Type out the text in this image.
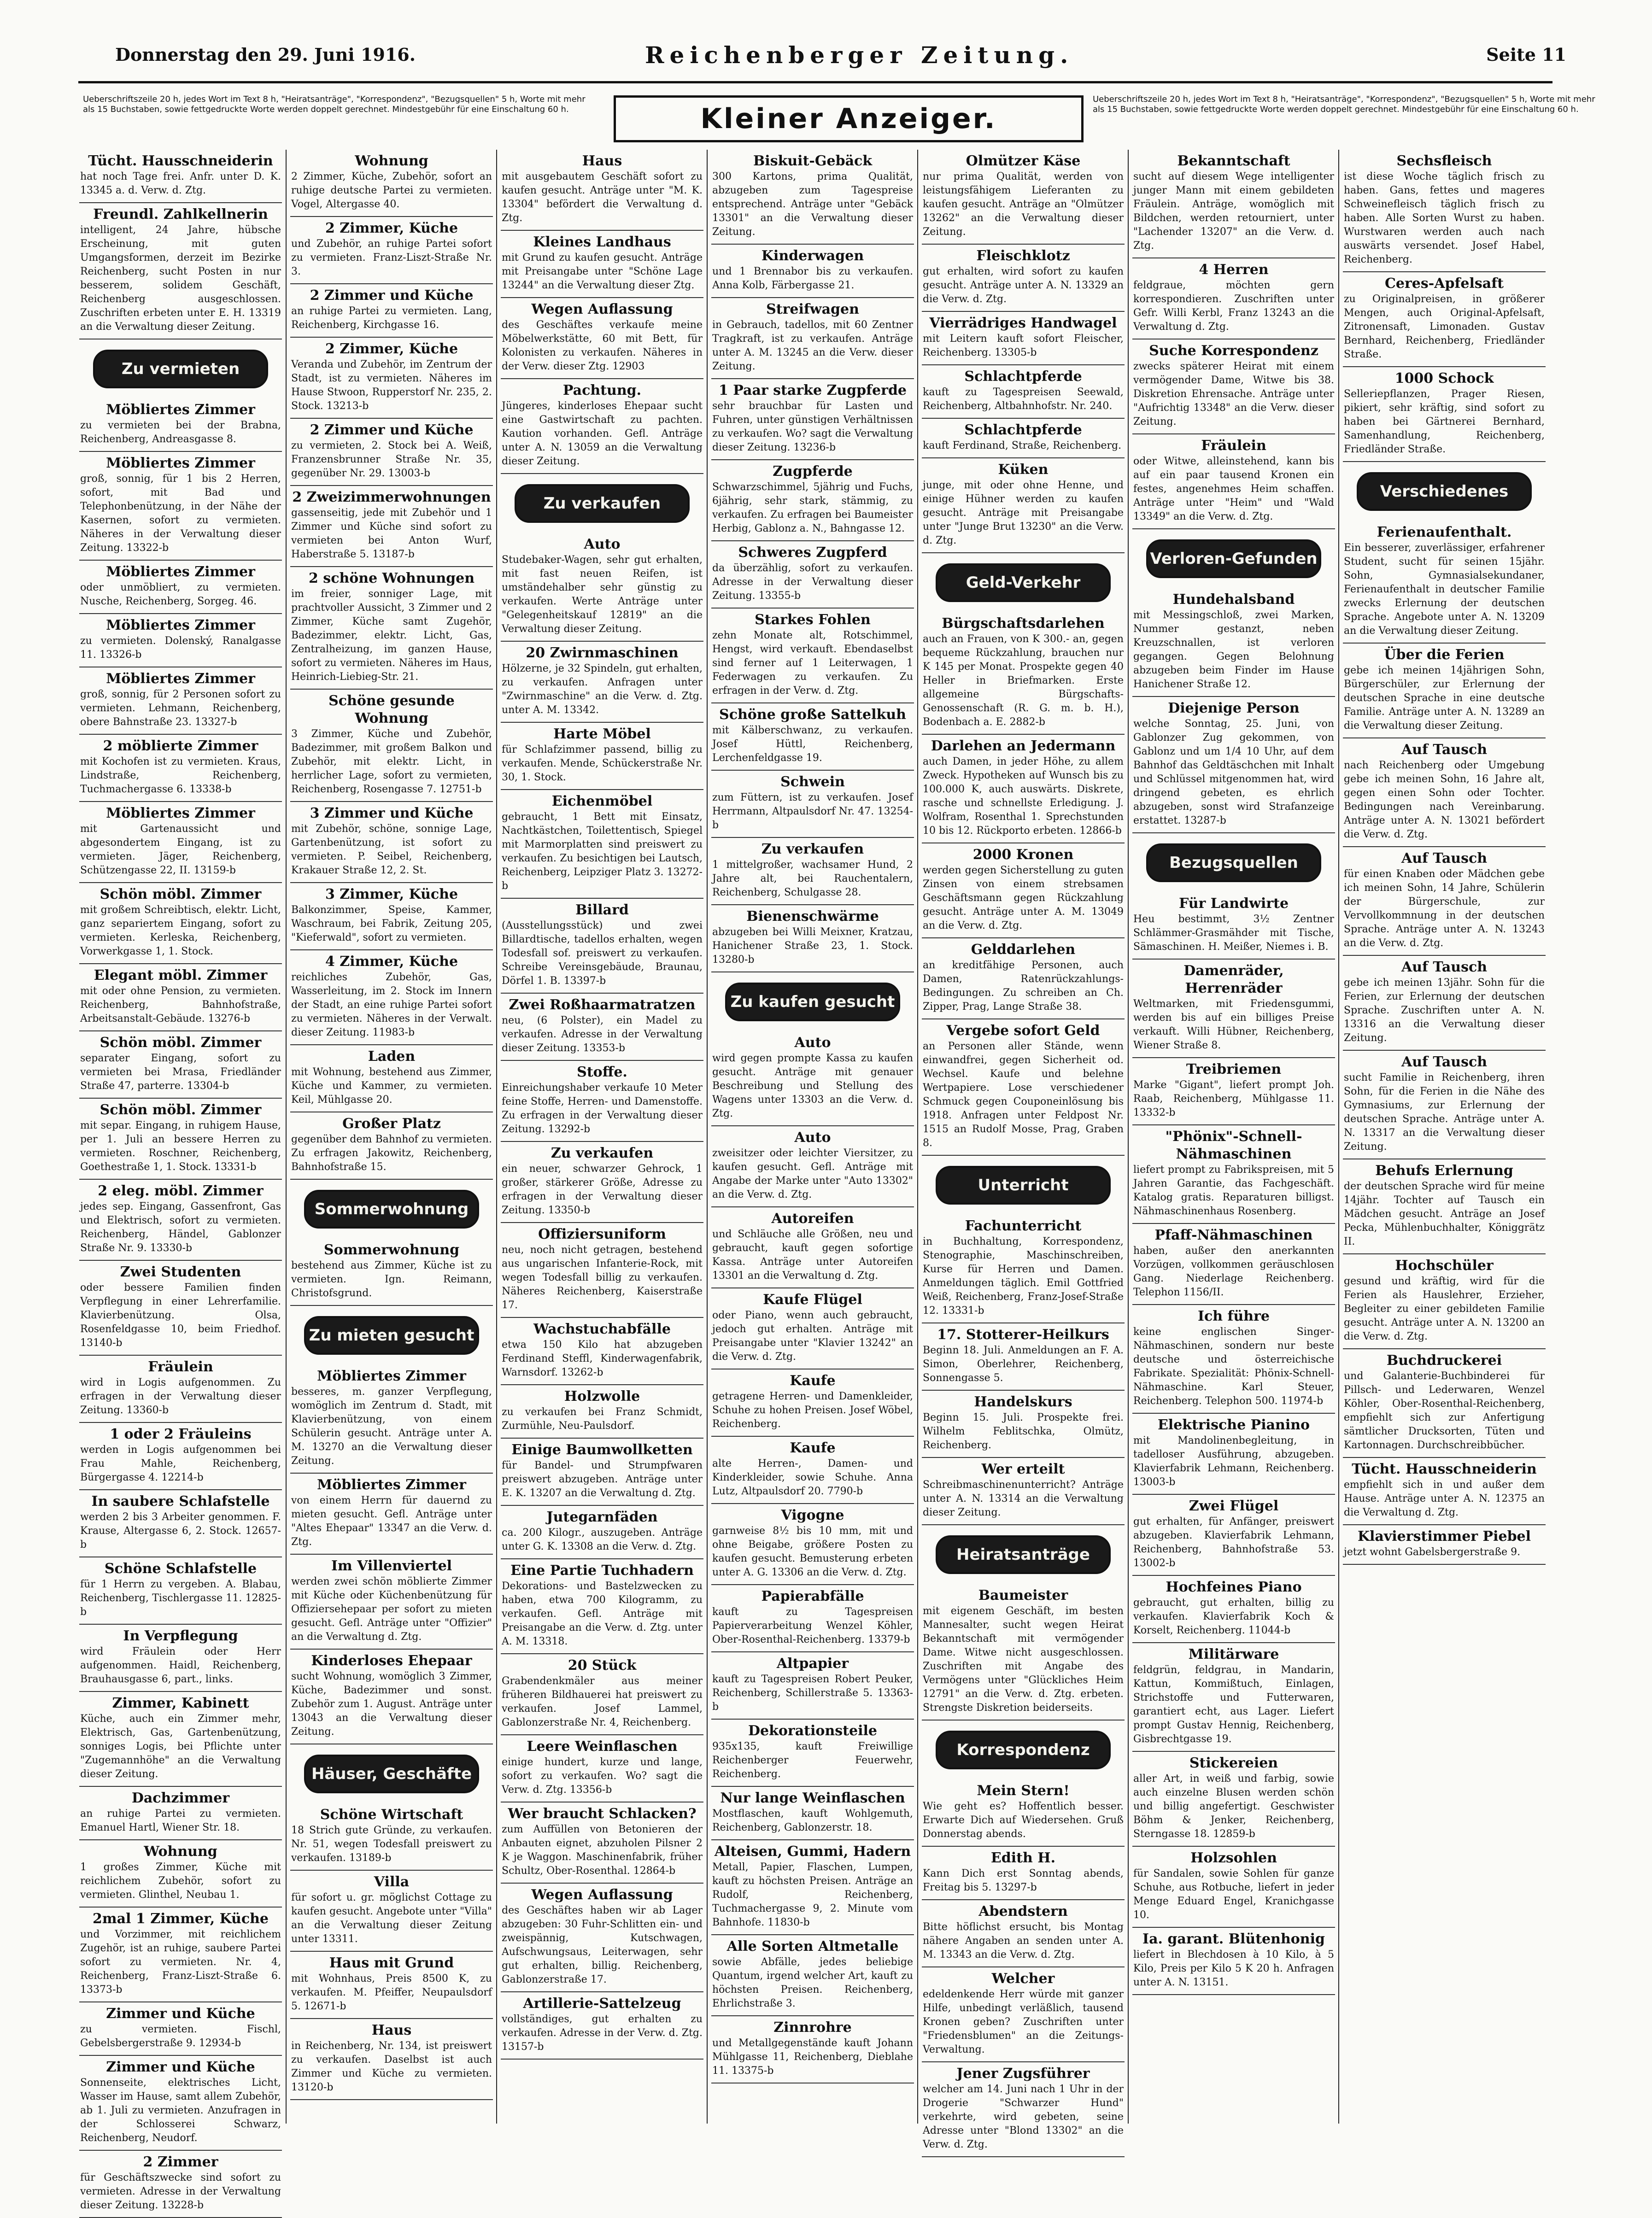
Donnerstag den 29. Juni 1916.	Reichenberger Zeitung.	Seite 11
Ueberschriftszeile 20 h, jedes Wort im Text 8 h, "Heiratsanträge", "Korrespondenz", "Bezugsquellen" 5 h, Worte mit mehr als 15 Buchstaben, sowie fettgedruckte Worte werden doppelt gerechnet. Mindestgebühr für eine Einschaltung 60 h.	Kleiner Anzeiger.
Ueberschriftszeile 20 h, jedes Wort im Text 8 h, "Heiratsanträge", "Korrespondenz", "Bezugsquellen" 5 h, Worte mit mehr als 15 Buchstaben, sowie fettgedruckte Worte werden doppelt gerechnet. Mindestgebühr für eine Einschaltung 60 h.
Tücht. Hausschneiderin
hat noch Tage frei. Anfr. unter D. K. 13345 a. d. Verw. d. Ztg.
Freundl. Zahlkellnerin
intelligent, 24 Jahre, hübsche Erscheinung, mit guten Umgangsformen, derzeit im Bezirke Reichenberg, sucht Posten in nur besserem, solidem Geschäft, Reichenberg ausgeschlossen. Zuschriften erbeten unter E. H. 13319 an die Verwaltung dieser Zeitung.
Zu vermieten
Möbliertes Zimmer
zu vermieten bei der Brabna, Reichenberg, Andreasgasse 8.
Möbliertes Zimmer
groß, sonnig, für 1 bis 2 Herren, sofort, mit Bad und Telephonbenützung, in der Nähe der Kasernen, sofort zu vermieten. Näheres in der Verwaltung dieser Zeitung. 13322-b
Möbliertes Zimmer
oder unmöbliert, zu vermieten. Nusche, Reichenberg, Sorgeg. 46.
Möbliertes Zimmer
zu vermieten. Dolenský, Ranalgasse 11. 13326-b
Möbliertes Zimmer
groß, sonnig, für 2 Personen sofort zu vermieten. Lehmann, Reichenberg, obere Bahnstraße 23. 13327-b
2 möblierte Zimmer
mit Kochofen ist zu vermieten. Kraus, Lindstraße, Reichenberg, Tuchmachergasse 6. 13338-b
Möbliertes Zimmer
mit Gartenaussicht und abgesondertem Eingang, ist zu vermieten. Jäger, Reichenberg, Schützengasse 22, II. 13159-b
Schön möbl. Zimmer
mit großem Schreibtisch, elektr. Licht, ganz separiertem Eingang, sofort zu vermieten. Kerleska, Reichenberg, Vorwerkgasse 1, 1. Stock.
Elegant möbl. Zimmer
mit oder ohne Pension, zu vermieten. Reichenberg, Bahnhofstraße, Arbeitsanstalt-Gebäude. 13276-b
Schön möbl. Zimmer
separater Eingang, sofort zu vermieten bei Mrasa, Friedländer Straße 47, parterre. 13304-b
Schön möbl. Zimmer
mit separ. Eingang, in ruhigem Hause, per 1. Juli an bessere Herren zu vermieten. Roschner, Reichenberg, Goethestraße 1, 1. Stock. 13331-b
2 eleg. möbl. Zimmer
jedes sep. Eingang, Gassenfront, Gas und Elektrisch, sofort zu vermieten. Reichenberg, Händel, Gablonzer Straße Nr. 9. 13330-b
Zwei Studenten
oder bessere Familien finden Verpflegung in einer Lehrerfamilie. Klavierbenützung. Olsa, Rosenfeldgasse 10, beim Friedhof. 13140-b
Fräulein
wird in Logis aufgenommen. Zu erfragen in der Verwaltung dieser Zeitung. 13360-b
1 oder 2 Fräuleins
werden in Logis aufgenommen bei Frau Mahle, Reichenberg, Bürgergasse 4. 12214-b
In saubere Schlafstelle
werden 2 bis 3 Arbeiter genommen. F. Krause, Altergasse 6, 2. Stock. 12657-b
Schöne Schlafstelle
für 1 Herrn zu vergeben. A. Blabau, Reichenberg, Tischlergasse 11. 12825-b
In Verpflegung
wird Fräulein oder Herr aufgenommen. Haidl, Reichenberg, Brauhausgasse 6, part., links.
Zimmer, Kabinett
Küche, auch ein Zimmer mehr, Elektrisch, Gas, Gartenbenützung, sonniges Logis, bei Pflichte unter "Zugemannhöhe" an die Verwaltung dieser Zeitung.
Dachzimmer
an ruhige Partei zu vermieten. Emanuel Hartl, Wiener Str. 18.
Wohnung
1 großes Zimmer, Küche mit reichlichem Zubehör, sofort zu vermieten. Glinthel, Neubau 1.
2mal 1 Zimmer, Küche
und Vorzimmer, mit reichlichem Zugehör, ist an ruhige, saubere Partei sofort zu vermieten. Nr. 4, Reichenberg, Franz-Liszt-Straße 6. 13373-b
Zimmer und Küche
zu vermieten. Fischl, Gebelsbergerstraße 9. 12934-b
Zimmer und Küche
Sonnenseite, elektrisches Licht, Wasser im Hause, samt allem Zubehör, ab 1. Juli zu vermieten. Anzufragen in der Schlosserei Schwarz, Reichenberg, Neudorf.
2 Zimmer
für Geschäftszwecke sind sofort zu vermieten. Adresse in der Verwaltung dieser Zeitung. 13228-b
Wohnung
2 Zimmer, Küche, Zubehör, sofort an ruhige deutsche Partei zu vermieten. Vogel, Altergasse 40.
2 Zimmer, Küche
und Zubehör, an ruhige Partei sofort zu vermieten. Franz-Liszt-Straße Nr. 3.
2 Zimmer und Küche
an ruhige Partei zu vermieten. Lang, Reichenberg, Kirchgasse 16.
2 Zimmer, Küche
Veranda und Zubehör, im Zentrum der Stadt, ist zu vermieten. Näheres im Hause Stwoon, Rupperstorf Nr. 235, 2. Stock. 13213-b
2 Zimmer und Küche
zu vermieten, 2. Stock bei A. Weiß, Franzensbrunner Straße Nr. 35, gegenüber Nr. 29. 13003-b
2 Zweizimmerwohnungen
gassenseitig, jede mit Zubehör und 1 Zimmer und Küche sind sofort zu vermieten bei Anton Wurf, Haberstraße 5. 13187-b
2 schöne Wohnungen
im freier, sonniger Lage, mit prachtvoller Aussicht, 3 Zimmer und 2 Zimmer, Küche samt Zugehör, Badezimmer, elektr. Licht, Gas, Zentralheizung, im ganzen Hause, sofort zu vermieten. Näheres im Haus, Heinrich-Liebieg-Str. 21.
Schöne gesunde Wohnung
3 Zimmer, Küche und Zubehör, Badezimmer, mit großem Balkon und Zubehör, mit elektr. Licht, in herrlicher Lage, sofort zu vermieten, Reichenberg, Rosengasse 7. 12751-b
3 Zimmer und Küche
mit Zubehör, schöne, sonnige Lage, Gartenbenützung, ist sofort zu vermieten. P. Seibel, Reichenberg, Krakauer Straße 12, 2. St.
3 Zimmer, Küche
Balkonzimmer, Speise, Kammer, Waschraum, bei Fabrik, Zeitung 205, "Kieferwald", sofort zu vermieten.
4 Zimmer, Küche
reichliches Zubehör, Gas, Wasserleitung, im 2. Stock im Innern der Stadt, an eine ruhige Partei sofort zu vermieten. Näheres in der Verwalt. dieser Zeitung. 11983-b
Laden
mit Wohnung, bestehend aus Zimmer, Küche und Kammer, zu vermieten. Keil, Mühlgasse 20.
Großer Platz
gegenüber dem Bahnhof zu vermieten. Zu erfragen Jakowitz, Reichenberg, Bahnhofstraße 15.
Sommerwohnung
Sommerwohnung
bestehend aus Zimmer, Küche ist zu vermieten. Ign. Reimann, Christofsgrund.
Zu mieten gesucht
Möbliertes Zimmer
besseres, m. ganzer Verpflegung, womöglich im Zentrum d. Stadt, mit Klavierbenützung, von einem Schülerin gesucht. Anträge unter A. M. 13270 an die Verwaltung dieser Zeitung.
Möbliertes Zimmer
von einem Herrn für dauernd zu mieten gesucht. Gefl. Anträge unter "Altes Ehepaar" 13347 an die Verw. d. Ztg.
Im Villenviertel
werden zwei schön möblierte Zimmer mit Küche oder Küchenbenützung für Offiziersehepaar per sofort zu mieten gesucht. Gefl. Anträge unter "Offizier" an die Verwaltung d. Ztg.
Kinderloses Ehepaar
sucht Wohnung, womöglich 3 Zimmer, Küche, Badezimmer und sonst. Zubehör zum 1. August. Anträge unter 13043 an die Verwaltung dieser Zeitung.
Häuser, Geschäfte
Schöne Wirtschaft
18 Strich gute Gründe, zu verkaufen. Nr. 51, wegen Todesfall preiswert zu verkaufen. 13189-b
Villa
für sofort u. gr. möglichst Cottage zu kaufen gesucht. Angebote unter "Villa" an die Verwaltung dieser Zeitung unter 13311.
Haus mit Grund
mit Wohnhaus, Preis 8500 K, zu verkaufen. M. Pfeiffer, Neupaulsdorf 5. 12671-b
Haus
in Reichenberg, Nr. 134, ist preiswert zu verkaufen. Daselbst ist auch Zimmer und Küche zu vermieten. 13120-b
Haus
mit ausgebautem Geschäft sofort zu kaufen gesucht. Anträge unter "M. K. 13304" befördert die Verwaltung d. Ztg.
Kleines Landhaus
mit Grund zu kaufen gesucht. Anträge mit Preisangabe unter "Schöne Lage 13244" an die Verwaltung dieser Ztg.
Wegen Auflassung
des Geschäftes verkaufe meine Möbelwerkstätte, 60 mit Bett, für Kolonisten zu verkaufen. Näheres in der Verw. dieser Ztg. 12903
Pachtung.
Jüngeres, kinderloses Ehepaar sucht eine Gastwirtschaft zu pachten. Kaution vorhanden. Gefl. Anträge unter A. N. 13059 an die Verwaltung dieser Zeitung.
Zu verkaufen
Auto
Studebaker-Wagen, sehr gut erhalten, mit fast neuen Reifen, ist umständehalber sehr günstig zu verkaufen. Werte Anträge unter "Gelegenheitskauf 12819" an die Verwaltung dieser Zeitung.
20 Zwirnmaschinen
Hölzerne, je 32 Spindeln, gut erhalten, zu verkaufen. Anfragen unter "Zwirnmaschine" an die Verw. d. Ztg. unter A. M. 13342.
Harte Möbel
für Schlafzimmer passend, billig zu verkaufen. Mende, Schückerstraße Nr. 30, 1. Stock.
Eichenmöbel
gebraucht, 1 Bett mit Einsatz, Nachtkästchen, Toilettentisch, Spiegel mit Marmorplatten sind preiswert zu verkaufen. Zu besichtigen bei Lautsch, Reichenberg, Leipziger Platz 3. 13272-b
Billard
(Ausstellungsstück) und zwei Billardtische, tadellos erhalten, wegen Todesfall sof. preiswert zu verkaufen. Schreibe Vereinsgebäude, Braunau, Dörfel 1. B. 13397-b
Zwei Roßhaarmatratzen
neu, (6 Polster), ein Madel zu verkaufen. Adresse in der Verwaltung dieser Zeitung. 13353-b
Stoffe.
Einreichungshaber verkaufe 10 Meter feine Stoffe, Herren- und Damenstoffe. Zu erfragen in der Verwaltung dieser Zeitung. 13292-b
Zu verkaufen
ein neuer, schwarzer Gehrock, 1 großer, stärkerer Größe, Adresse zu erfragen in der Verwaltung dieser Zeitung. 13350-b
Offiziersuniform
neu, noch nicht getragen, bestehend aus ungarischen Infanterie-Rock, mit wegen Todesfall billig zu verkaufen. Näheres Reichenberg, Kaiserstraße 17.
Wachstuchabfälle
etwa 150 Kilo hat abzugeben Ferdinand Steffl, Kinderwagenfabrik, Warnsdorf. 13262-b
Holzwolle
zu verkaufen bei Franz Schmidt, Zurmühle, Neu-Paulsdorf.
Einige Baumwollketten
für Bandel- und Strumpfwaren preiswert abzugeben. Anträge unter E. K. 13207 an die Verwaltung d. Ztg.
Jutegarnfäden
ca. 200 Kilogr., auszugeben. Anträge unter G. K. 13308 an die Verw. d. Ztg.
Eine Partie Tuchhadern
Dekorations- und Bastelzwecken zu haben, etwa 700 Kilogramm, zu verkaufen. Gefl. Anträge mit Preisangabe an die Verw. d. Ztg. unter A. M. 13318.
20 Stück
Grabendenkmäler aus meiner früheren Bildhauerei hat preiswert zu verkaufen. Josef Lammel, Gablonzerstraße Nr. 4, Reichenberg.
Leere Weinflaschen
einige hundert, kurze und lange, sofort zu verkaufen. Wo? sagt die Verw. d. Ztg. 13356-b
Wer braucht Schlacken?
zum Auffüllen von Betonieren der Anbauten eignet, abzuholen Pilsner 2 K je Waggon. Maschinenfabrik, früher Schultz, Ober-Rosenthal. 12864-b
Wegen Auflassung
des Geschäftes haben wir ab Lager abzugeben: 30 Fuhr-Schlitten ein- und zweispännig, Kutschwagen, Aufschwungsaus, Leiterwagen, sehr gut erhalten, billig. Reichenberg, Gablonzerstraße 17.
Artillerie-Sattelzeug
vollständiges, gut erhalten zu verkaufen. Adresse in der Verw. d. Ztg. 13157-b
Biskuit-Gebäck
300 Kartons, prima Qualität, abzugeben zum Tagespreise entsprechend. Anträge unter "Gebäck 13301" an die Verwaltung dieser Zeitung.
Kinderwagen
und 1 Brennabor bis zu verkaufen. Anna Kolb, Färbergasse 21.
Streifwagen
in Gebrauch, tadellos, mit 60 Zentner Tragkraft, ist zu verkaufen. Anträge unter A. M. 13245 an die Verw. dieser Zeitung.
1 Paar starke Zugpferde
sehr brauchbar für Lasten und Fuhren, unter günstigen Verhältnissen zu verkaufen. Wo? sagt die Verwaltung dieser Zeitung. 13236-b
Zugpferde
Schwarzschimmel, 5jährig und Fuchs, 6jährig, sehr stark, stämmig, zu verkaufen. Zu erfragen bei Baumeister Herbig, Gablonz a. N., Bahngasse 12.
Schweres Zugpferd
da überzählig, sofort zu verkaufen. Adresse in der Verwaltung dieser Zeitung. 13355-b
Starkes Fohlen
zehn Monate alt, Rotschimmel, Hengst, wird verkauft. Ebendaselbst sind ferner auf 1 Leiterwagen, 1 Federwagen zu verkaufen. Zu erfragen in der Verw. d. Ztg.
Schöne große Sattelkuh
mit Kälberschwanz, zu verkaufen. Josef Hüttl, Reichenberg, Lerchenfeldgasse 19.
Schwein
zum Füttern, ist zu verkaufen. Josef Herrmann, Altpaulsdorf Nr. 47. 13254-b
Zu verkaufen
1 mittelgroßer, wachsamer Hund, 2 Jahre alt, bei Rauchentalern, Reichenberg, Schulgasse 28.
Bienenschwärme
abzugeben bei Willi Meixner, Kratzau, Hanichener Straße 23, 1. Stock. 13280-b
Zu kaufen gesucht
Auto
wird gegen prompte Kassa zu kaufen gesucht. Anträge mit genauer Beschreibung und Stellung des Wagens unter 13303 an die Verw. d. Ztg.
Auto
zweisitzer oder leichter Viersitzer, zu kaufen gesucht. Gefl. Anträge mit Angabe der Marke unter "Auto 13302" an die Verw. d. Ztg.
Autoreifen
und Schläuche alle Größen, neu und gebraucht, kauft gegen sofortige Kassa. Anträge unter Autoreifen 13301 an die Verwaltung d. Ztg.
Kaufe Flügel
oder Piano, wenn auch gebraucht, jedoch gut erhalten. Anträge mit Preisangabe unter "Klavier 13242" an die Verw. d. Ztg.
Kaufe
getragene Herren- und Damenkleider, Schuhe zu hohen Preisen. Josef Wöbel, Reichenberg.
Kaufe
alte Herren-, Damen- und Kinderkleider, sowie Schuhe. Anna Lutz, Altpaulsdorf 20. 7790-b
Vigogne
garnweise 8½ bis 10 mm, mit und ohne Beigabe, größere Posten zu kaufen gesucht. Bemusterung erbeten unter A. G. 13306 an die Verw. d. Ztg.
Papierabfälle
kauft zu Tagespreisen Papierverarbeitung Wenzel Köhler, Ober-Rosenthal-Reichenberg. 13379-b
Altpapier
kauft zu Tagespreisen Robert Peuker, Reichenberg, Schillerstraße 5. 13363-b
Dekorationsteile
935x135, kauft Freiwillige Reichenberger Feuerwehr, Reichenberg.
Nur lange Weinflaschen
Mostflaschen, kauft Wohlgemuth, Reichenberg, Gablonzerstr. 18.
Alteisen, Gummi, Hadern
Metall, Papier, Flaschen, Lumpen, kauft zu höchsten Preisen. Anträge an Rudolf, Reichenberg, Tuchmachergasse 9, 2. Minute vom Bahnhofe. 11830-b
Alle Sorten Altmetalle
sowie Abfälle, jedes beliebige Quantum, irgend welcher Art, kauft zu höchsten Preisen. Reichenberg, Ehrlichstraße 3.
Zinnrohre
und Metallgegenstände kauft Johann Mühlgasse 11, Reichenberg, Dieblahe 11. 13375-b
Olmützer Käse
nur prima Qualität, werden von leistungsfähigem Lieferanten zu kaufen gesucht. Anträge an "Olmützer 13262" an die Verwaltung dieser Zeitung.
Fleischklotz
gut erhalten, wird sofort zu kaufen gesucht. Anträge unter A. N. 13329 an die Verw. d. Ztg.
Vierrädriges Handwagel
mit Leitern kauft sofort Fleischer, Reichenberg. 13305-b
Schlachtpferde
kauft zu Tagespreisen Seewald, Reichenberg, Altbahnhofstr. Nr. 240.
Schlachtpferde
kauft Ferdinand, Straße, Reichenberg.
Küken
junge, mit oder ohne Henne, und einige Hühner werden zu kaufen gesucht. Anträge mit Preisangabe unter "Junge Brut 13230" an die Verw. d. Ztg.
Geld-Verkehr
Bürgschaftsdarlehen
auch an Frauen, von K 300.- an, gegen bequeme Rückzahlung, brauchen nur K 145 per Monat. Prospekte gegen 40 Heller in Briefmarken. Erste allgemeine Bürgschafts-Genossenschaft (R. G. m. b. H.), Bodenbach a. E. 2882-b
Darlehen an Jedermann
auch Damen, in jeder Höhe, zu allem Zweck. Hypotheken auf Wunsch bis zu 100.000 K, auch auswärts. Diskrete, rasche und schnellste Erledigung. J. Wolfram, Rosenthal 1. Sprechstunden 10 bis 12. Rückporto erbeten. 12866-b
2000 Kronen
werden gegen Sicherstellung zu guten Zinsen von einem strebsamen Geschäftsmann gegen Rückzahlung gesucht. Anträge unter A. M. 13049 an die Verw. d. Ztg.
Gelddarlehen
an kreditfähige Personen, auch Damen, Ratenrückzahlungs-Bedingungen. Zu schreiben an Ch. Zipper, Prag, Lange Straße 38.
Vergebe sofort Geld
an Personen aller Stände, wenn einwandfrei, gegen Sicherheit od. Wechsel. Kaufe und belehne Wertpapiere. Lose verschiedener Schmuck gegen Couponeinlösung bis 1918. Anfragen unter Feldpost Nr. 1515 an Rudolf Mosse, Prag, Graben 8.
Unterricht
Fachunterricht
in Buchhaltung, Korrespondenz, Stenographie, Maschinschreiben, Kurse für Herren und Damen. Anmeldungen täglich. Emil Gottfried Weiß, Reichenberg, Franz-Josef-Straße 12. 13331-b
17. Stotterer-Heilkurs
Beginn 18. Juli. Anmeldungen an F. A. Simon, Oberlehrer, Reichenberg, Sonnengasse 5.
Handelskurs
Beginn 15. Juli. Prospekte frei. Wilhelm Feblitschka, Olmütz, Reichenberg.
Wer erteilt
Schreibmaschinenunterricht? Anträge unter A. N. 13314 an die Verwaltung dieser Zeitung.
Heiratsanträge
Baumeister
mit eigenem Geschäft, im besten Mannesalter, sucht wegen Heirat Bekanntschaft mit vermögender Dame. Witwe nicht ausgeschlossen. Zuschriften mit Angabe des Vermögens unter "Glückliches Heim 12791" an die Verw. d. Ztg. erbeten. Strengste Diskretion beiderseits.
Korrespondenz
Mein Stern!
Wie geht es? Hoffentlich besser. Erwarte Dich auf Wiedersehen. Gruß Donnerstag abends.
Edith H.
Kann Dich erst Sonntag abends, Freitag bis 5. 13297-b
Abendstern
Bitte höflichst ersucht, bis Montag nähere Angaben an senden unter A. M. 13343 an die Verw. d. Ztg.
Welcher
edeldenkende Herr würde mit ganzer Hilfe, unbedingt verläßlich, tausend Kronen geben? Zuschriften unter "Friedensblumen" an die Zeitungs-Verwaltung.
Jener Zugsführer
welcher am 14. Juni nach 1 Uhr in der Drogerie "Schwarzer Hund" verkehrte, wird gebeten, seine Adresse unter "Blond 13302" an die Verw. d. Ztg.
Bekanntschaft
sucht auf diesem Wege intelligenter junger Mann mit einem gebildeten Fräulein. Anträge, womöglich mit Bildchen, werden retourniert, unter "Lachender 13207" an die Verw. d. Ztg.
4 Herren
feldgraue, möchten gern korrespondieren. Zuschriften unter Gefr. Willi Kerbl, Franz 13243 an die Verwaltung d. Ztg.
Suche Korrespondenz
zwecks späterer Heirat mit einem vermögender Dame, Witwe bis 38. Diskretion Ehrensache. Anträge unter "Aufrichtig 13348" an die Verw. dieser Zeitung.
Fräulein
oder Witwe, alleinstehend, kann bis auf ein paar tausend Kronen ein festes, angenehmes Heim schaffen. Anträge unter "Heim" und "Wald 13349" an die Verw. d. Ztg.
Verloren-Gefunden
Hundehalsband
mit Messingschloß, zwei Marken, Nummer gestanzt, neben Kreuzschnallen, ist verloren gegangen. Gegen Belohnung abzugeben beim Finder im Hause Hanichener Straße 12.
Diejenige Person
welche Sonntag, 25. Juni, von Gablonzer Zug gekommen, von Gablonz und um 1/4 10 Uhr, auf dem Bahnhof das Geldtäschchen mit Inhalt und Schlüssel mitgenommen hat, wird dringend gebeten, es ehrlich abzugeben, sonst wird Strafanzeige erstattet. 13287-b
Bezugsquellen
Für Landwirte
Heu bestimmt, 3½ Zentner Schlämmer-Grasmähder mit Tische, Sämaschinen. H. Meißer, Niemes i. B.
Damenräder, Herrenräder
Weltmarken, mit Friedensgummi, werden bis auf ein billiges Preise verkauft. Willi Hübner, Reichenberg, Wiener Straße 8.
Treibriemen
Marke "Gigant", liefert prompt Joh. Raab, Reichenberg, Mühlgasse 11. 13332-b
"Phönix"-Schnell-Nähmaschinen
liefert prompt zu Fabrikspreisen, mit 5 Jahren Garantie, das Fachgeschäft. Katalog gratis. Reparaturen billigst. Nähmaschinenhaus Rosenberg.
Pfaff-Nähmaschinen
haben, außer den anerkannten Vorzügen, vollkommen geräuschlosen Gang. Niederlage Reichenberg. Telephon 1156/II.
Ich führe
keine englischen Singer-Nähmaschinen, sondern nur beste deutsche und österreichische Fabrikate. Spezialität: Phönix-Schnell-Nähmaschine. Karl Steuer, Reichenberg. Telephon 500. 11974-b
Elektrische Pianino
mit Mandolinenbegleitung, in tadelloser Ausführung, abzugeben. Klavierfabrik Lehmann, Reichenberg. 13003-b
Zwei Flügel
gut erhalten, für Anfänger, preiswert abzugeben. Klavierfabrik Lehmann, Reichenberg, Bahnhofstraße 53. 13002-b
Hochfeines Piano
gebraucht, gut erhalten, billig zu verkaufen. Klavierfabrik Koch & Korselt, Reichenberg. 11044-b
Militärware
feldgrün, feldgrau, in Mandarin, Kattun, Kommißtuch, Einlagen, Strichstoffe und Futterwaren, garantiert echt, aus Lager. Liefert prompt Gustav Hennig, Reichenberg, Gisbrechtgasse 19.
Stickereien
aller Art, in weiß und farbig, sowie auch einzelne Blusen werden schön und billig angefertigt. Geschwister Böhm & Jenker, Reichenberg, Sterngasse 18. 12859-b
Holzsohlen
für Sandalen, sowie Sohlen für ganze Schuhe, aus Rotbuche, liefert in jeder Menge Eduard Engel, Kranichgasse 10.
Ia. garant. Blütenhonig
liefert in Blechdosen à 10 Kilo, à 5 Kilo, Preis per Kilo 5 K 20 h. Anfragen unter A. N. 13151.
Sechsfleisch
ist diese Woche täglich frisch zu haben. Gans, fettes und mageres Schweinefleisch täglich frisch zu haben. Alle Sorten Wurst zu haben. Wurstwaren werden auch nach auswärts versendet. Josef Habel, Reichenberg.
Ceres-Apfelsaft
zu Originalpreisen, in größerer Mengen, auch Original-Apfelsaft, Zitronensaft, Limonaden. Gustav Bernhard, Reichenberg, Friedländer Straße.
1000 Schock
Selleriepflanzen, Prager Riesen, pikiert, sehr kräftig, sind sofort zu haben bei Gärtnerei Bernhard, Samenhandlung, Reichenberg, Friedländer Straße.
Verschiedenes
Ferienaufenthalt.
Ein besserer, zuverlässiger, erfahrener Student, sucht für seinen 15jähr. Sohn, Gymnasialsekundaner, Ferienaufenthalt in deutscher Familie zwecks Erlernung der deutschen Sprache. Angebote unter A. N. 13209 an die Verwaltung dieser Zeitung.
Über die Ferien
gebe ich meinen 14jährigen Sohn, Bürgerschüler, zur Erlernung der deutschen Sprache in eine deutsche Familie. Anträge unter A. N. 13289 an die Verwaltung dieser Zeitung.
Auf Tausch
nach Reichenberg oder Umgebung gebe ich meinen Sohn, 16 Jahre alt, gegen einen Sohn oder Tochter. Bedingungen nach Vereinbarung. Anträge unter A. N. 13021 befördert die Verw. d. Ztg.
Auf Tausch
für einen Knaben oder Mädchen gebe ich meinen Sohn, 14 Jahre, Schülerin der Bürgerschule, zur Vervollkommnung in der deutschen Sprache. Anträge unter A. N. 13243 an die Verw. d. Ztg.
Auf Tausch
gebe ich meinen 13jähr. Sohn für die Ferien, zur Erlernung der deutschen Sprache. Zuschriften unter A. N. 13316 an die Verwaltung dieser Zeitung.
Auf Tausch
sucht Familie in Reichenberg, ihren Sohn, für die Ferien in die Nähe des Gymnasiums, zur Erlernung der deutschen Sprache. Anträge unter A. N. 13317 an die Verwaltung dieser Zeitung.
Behufs Erlernung
der deutschen Sprache wird für meine 14jähr. Tochter auf Tausch ein Mädchen gesucht. Anträge an Josef Pecka, Mühlenbuchhalter, Königgrätz II.
Hochschüler
gesund und kräftig, wird für die Ferien als Hauslehrer, Erzieher, Begleiter zu einer gebildeten Familie gesucht. Anträge unter A. N. 13200 an die Verw. d. Ztg.
Buchdruckerei
und Galanterie-Buchbinderei für Pillsch- und Lederwaren, Wenzel Köhler, Ober-Rosenthal-Reichenberg, empfiehlt sich zur Anfertigung sämtlicher Drucksorten, Tüten und Kartonnagen. Durchschreibbücher.
Tücht. Hausschneiderin
empfiehlt sich in und außer dem Hause. Anträge unter A. N. 12375 an die Verwaltung d. Ztg.
Klavierstimmer Piebel
jetzt wohnt Gabelsbergerstraße 9.
